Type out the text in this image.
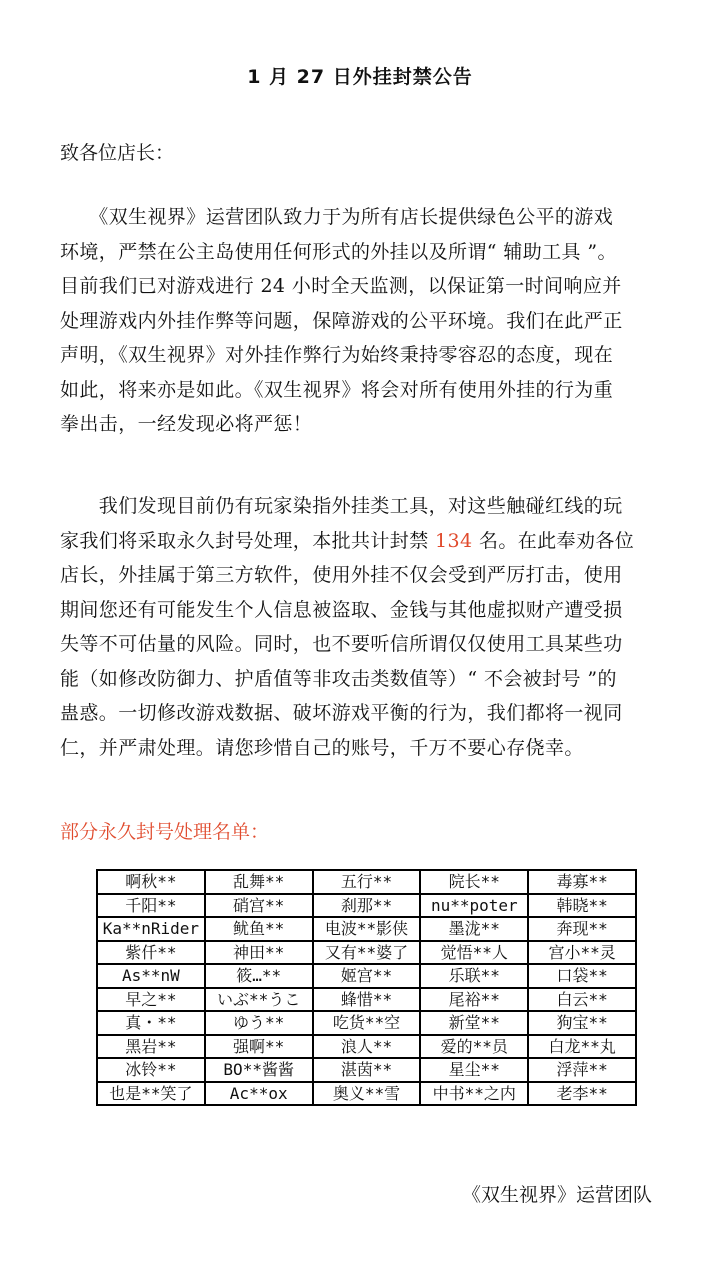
1 月 27 日外挂封禁公告
致各位店长：
　　《双生视界》运营团队致力于为所有店长提供绿色公平的游戏
环境，严禁在公主岛使用任何形式的外挂以及所谓“ 辅助工具 ”。
目前我们已对游戏进行 24 小时全天监测，以保证第一时间响应并
处理游戏内外挂作弊等问题，保障游戏的公平环境。我们在此严正
声明，《双生视界》对外挂作弊行为始终秉持零容忍的态度，现在
如此，将来亦是如此。《双生视界》将会对所有使用外挂的行为重
拳出击，一经发现必将严惩！
　　我们发现目前仍有玩家染指外挂类工具，对这些触碰红线的玩
家我们将采取永久封号处理，本批共计封禁 134 名。在此奉劝各位
店长，外挂属于第三方软件，使用外挂不仅会受到严厉打击，使用
期间您还有可能发生个人信息被盗取、金钱与其他虚拟财产遭受损
失等不可估量的风险。同时，也不要听信所谓仅仅使用工具某些功
能（如修改防御力、护盾值等非攻击类数值等）“ 不会被封号 ”的
蛊惑。一切修改游戏数据、破坏游戏平衡的行为，我们都将一视同
仁，并严肃处理。请您珍惜自己的账号，千万不要心存侥幸。
部分永久封号处理名单：
啊秋**	乱舞**	五行**	院长**	毒寡**
千阳**	硝宫**	刹那**	nu**poter	韩晓**
Ka**nRider	鱿鱼**	电波**影侠	墨泷**	奔现**
紫仟**	神田**	又有**婆了	觉悟**人	宫小**灵
As**nW	筱…**	姬宫**	乐联**	口袋**
早之**	いぶ**うこ	蜂惜**	尾裕**	白云**
真・**	ゆう**	吃货**空	新堂**	狗宝**
黑岩**	强啊**	浪人**	爱的**员	白龙**丸
冰铃**	BO**酱酱	湛茵**	星尘**	浮萍**
也是**笑了	Ac**ox	奥义**雪	中书**之内	老李**
《双生视界》运营团队
